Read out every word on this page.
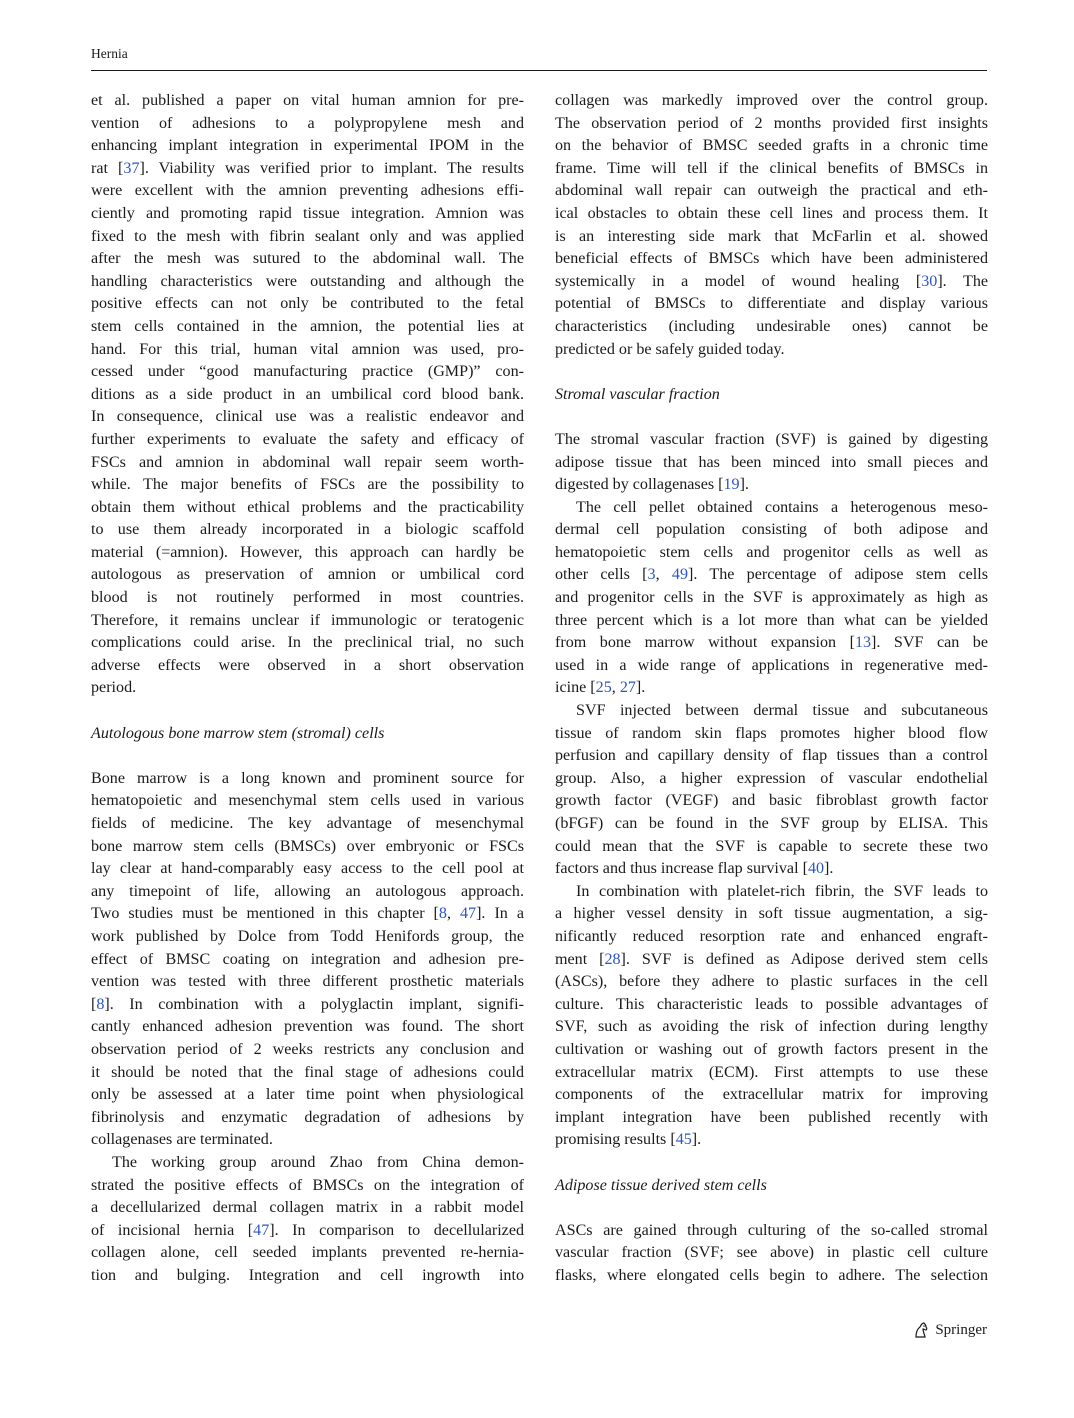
Hernia

et al. published a paper on vital human amnion for pre-

vention of adhesions to a polypropylene mesh and

enhancing implant integration in experimental IPOM in the

rat [37]. Viability was verified prior to implant. The results

were excellent with the amnion preventing adhesions effi-

ciently and promoting rapid tissue integration. Amnion was

fixed to the mesh with fibrin sealant only and was applied

after the mesh was sutured to the abdominal wall. The

handling characteristics were outstanding and although the

positive effects can not only be contributed to the fetal

stem cells contained in the amnion, the potential lies at

hand. For this trial, human vital amnion was used, pro-

cessed under “good manufacturing practice (GMP)” con-

ditions as a side product in an umbilical cord blood bank.

In consequence, clinical use was a realistic endeavor and

further experiments to evaluate the safety and efficacy of

FSCs and amnion in abdominal wall repair seem worth-

while. The major benefits of FSCs are the possibility to

obtain them without ethical problems and the practicability

to use them already incorporated in a biologic scaffold

material (=amnion). However, this approach can hardly be

autologous as preservation of amnion or umbilical cord

blood is not routinely performed in most countries.

Therefore, it remains unclear if immunologic or teratogenic

complications could arise. In the preclinical trial, no such

adverse effects were observed in a short observation

period.

Autologous bone marrow stem (stromal) cells

Bone marrow is a long known and prominent source for

hematopoietic and mesenchymal stem cells used in various

fields of medicine. The key advantage of mesenchymal

bone marrow stem cells (BMSCs) over embryonic or FSCs

lay clear at hand-comparably easy access to the cell pool at

any timepoint of life, allowing an autologous approach.

Two studies must be mentioned in this chapter [8, 47]. In a

work published by Dolce from Todd Henifords group, the

effect of BMSC coating on integration and adhesion pre-

vention was tested with three different prosthetic materials

[8]. In combination with a polyglactin implant, signifi-

cantly enhanced adhesion prevention was found. The short

observation period of 2 weeks restricts any conclusion and

it should be noted that the final stage of adhesions could

only be assessed at a later time point when physiological

fibrinolysis and enzymatic degradation of adhesions by

collagenases are terminated.

The working group around Zhao from China demon-

strated the positive effects of BMSCs on the integration of

a decellularized dermal collagen matrix in a rabbit model

of incisional hernia [47]. In comparison to decellularized

collagen alone, cell seeded implants prevented re-hernia-

tion and bulging. Integration and cell ingrowth into

collagen was markedly improved over the control group.

The observation period of 2 months provided first insights

on the behavior of BMSC seeded grafts in a chronic time

frame. Time will tell if the clinical benefits of BMSCs in

abdominal wall repair can outweigh the practical and eth-

ical obstacles to obtain these cell lines and process them. It

is an interesting side mark that McFarlin et al. showed

beneficial effects of BMSCs which have been administered

systemically in a model of wound healing [30]. The

potential of BMSCs to differentiate and display various

characteristics (including undesirable ones) cannot be

predicted or be safely guided today.

Stromal vascular fraction

The stromal vascular fraction (SVF) is gained by digesting

adipose tissue that has been minced into small pieces and

digested by collagenases [19].

The cell pellet obtained contains a heterogenous meso-

dermal cell population consisting of both adipose and

hematopoietic stem cells and progenitor cells as well as

other cells [3, 49]. The percentage of adipose stem cells

and progenitor cells in the SVF is approximately as high as

three percent which is a lot more than what can be yielded

from bone marrow without expansion [13]. SVF can be

used in a wide range of applications in regenerative med-

icine [25, 27].

SVF injected between dermal tissue and subcutaneous

tissue of random skin flaps promotes higher blood flow

perfusion and capillary density of flap tissues than a control

group. Also, a higher expression of vascular endothelial

growth factor (VEGF) and basic fibroblast growth factor

(bFGF) can be found in the SVF group by ELISA. This

could mean that the SVF is capable to secrete these two

factors and thus increase flap survival [40].

In combination with platelet-rich fibrin, the SVF leads to

a higher vessel density in soft tissue augmentation, a sig-

nificantly reduced resorption rate and enhanced engraft-

ment [28]. SVF is defined as Adipose derived stem cells

(ASCs), before they adhere to plastic surfaces in the cell

culture. This characteristic leads to possible advantages of

SVF, such as avoiding the risk of infection during lengthy

cultivation or washing out of growth factors present in the

extracellular matrix (ECM). First attempts to use these

components of the extracellular matrix for improving

implant integration have been published recently with

promising results [45].

Adipose tissue derived stem cells

ASCs are gained through culturing of the so-called stromal

vascular fraction (SVF; see above) in plastic cell culture

flasks, where elongated cells begin to adhere. The selection

Springer
